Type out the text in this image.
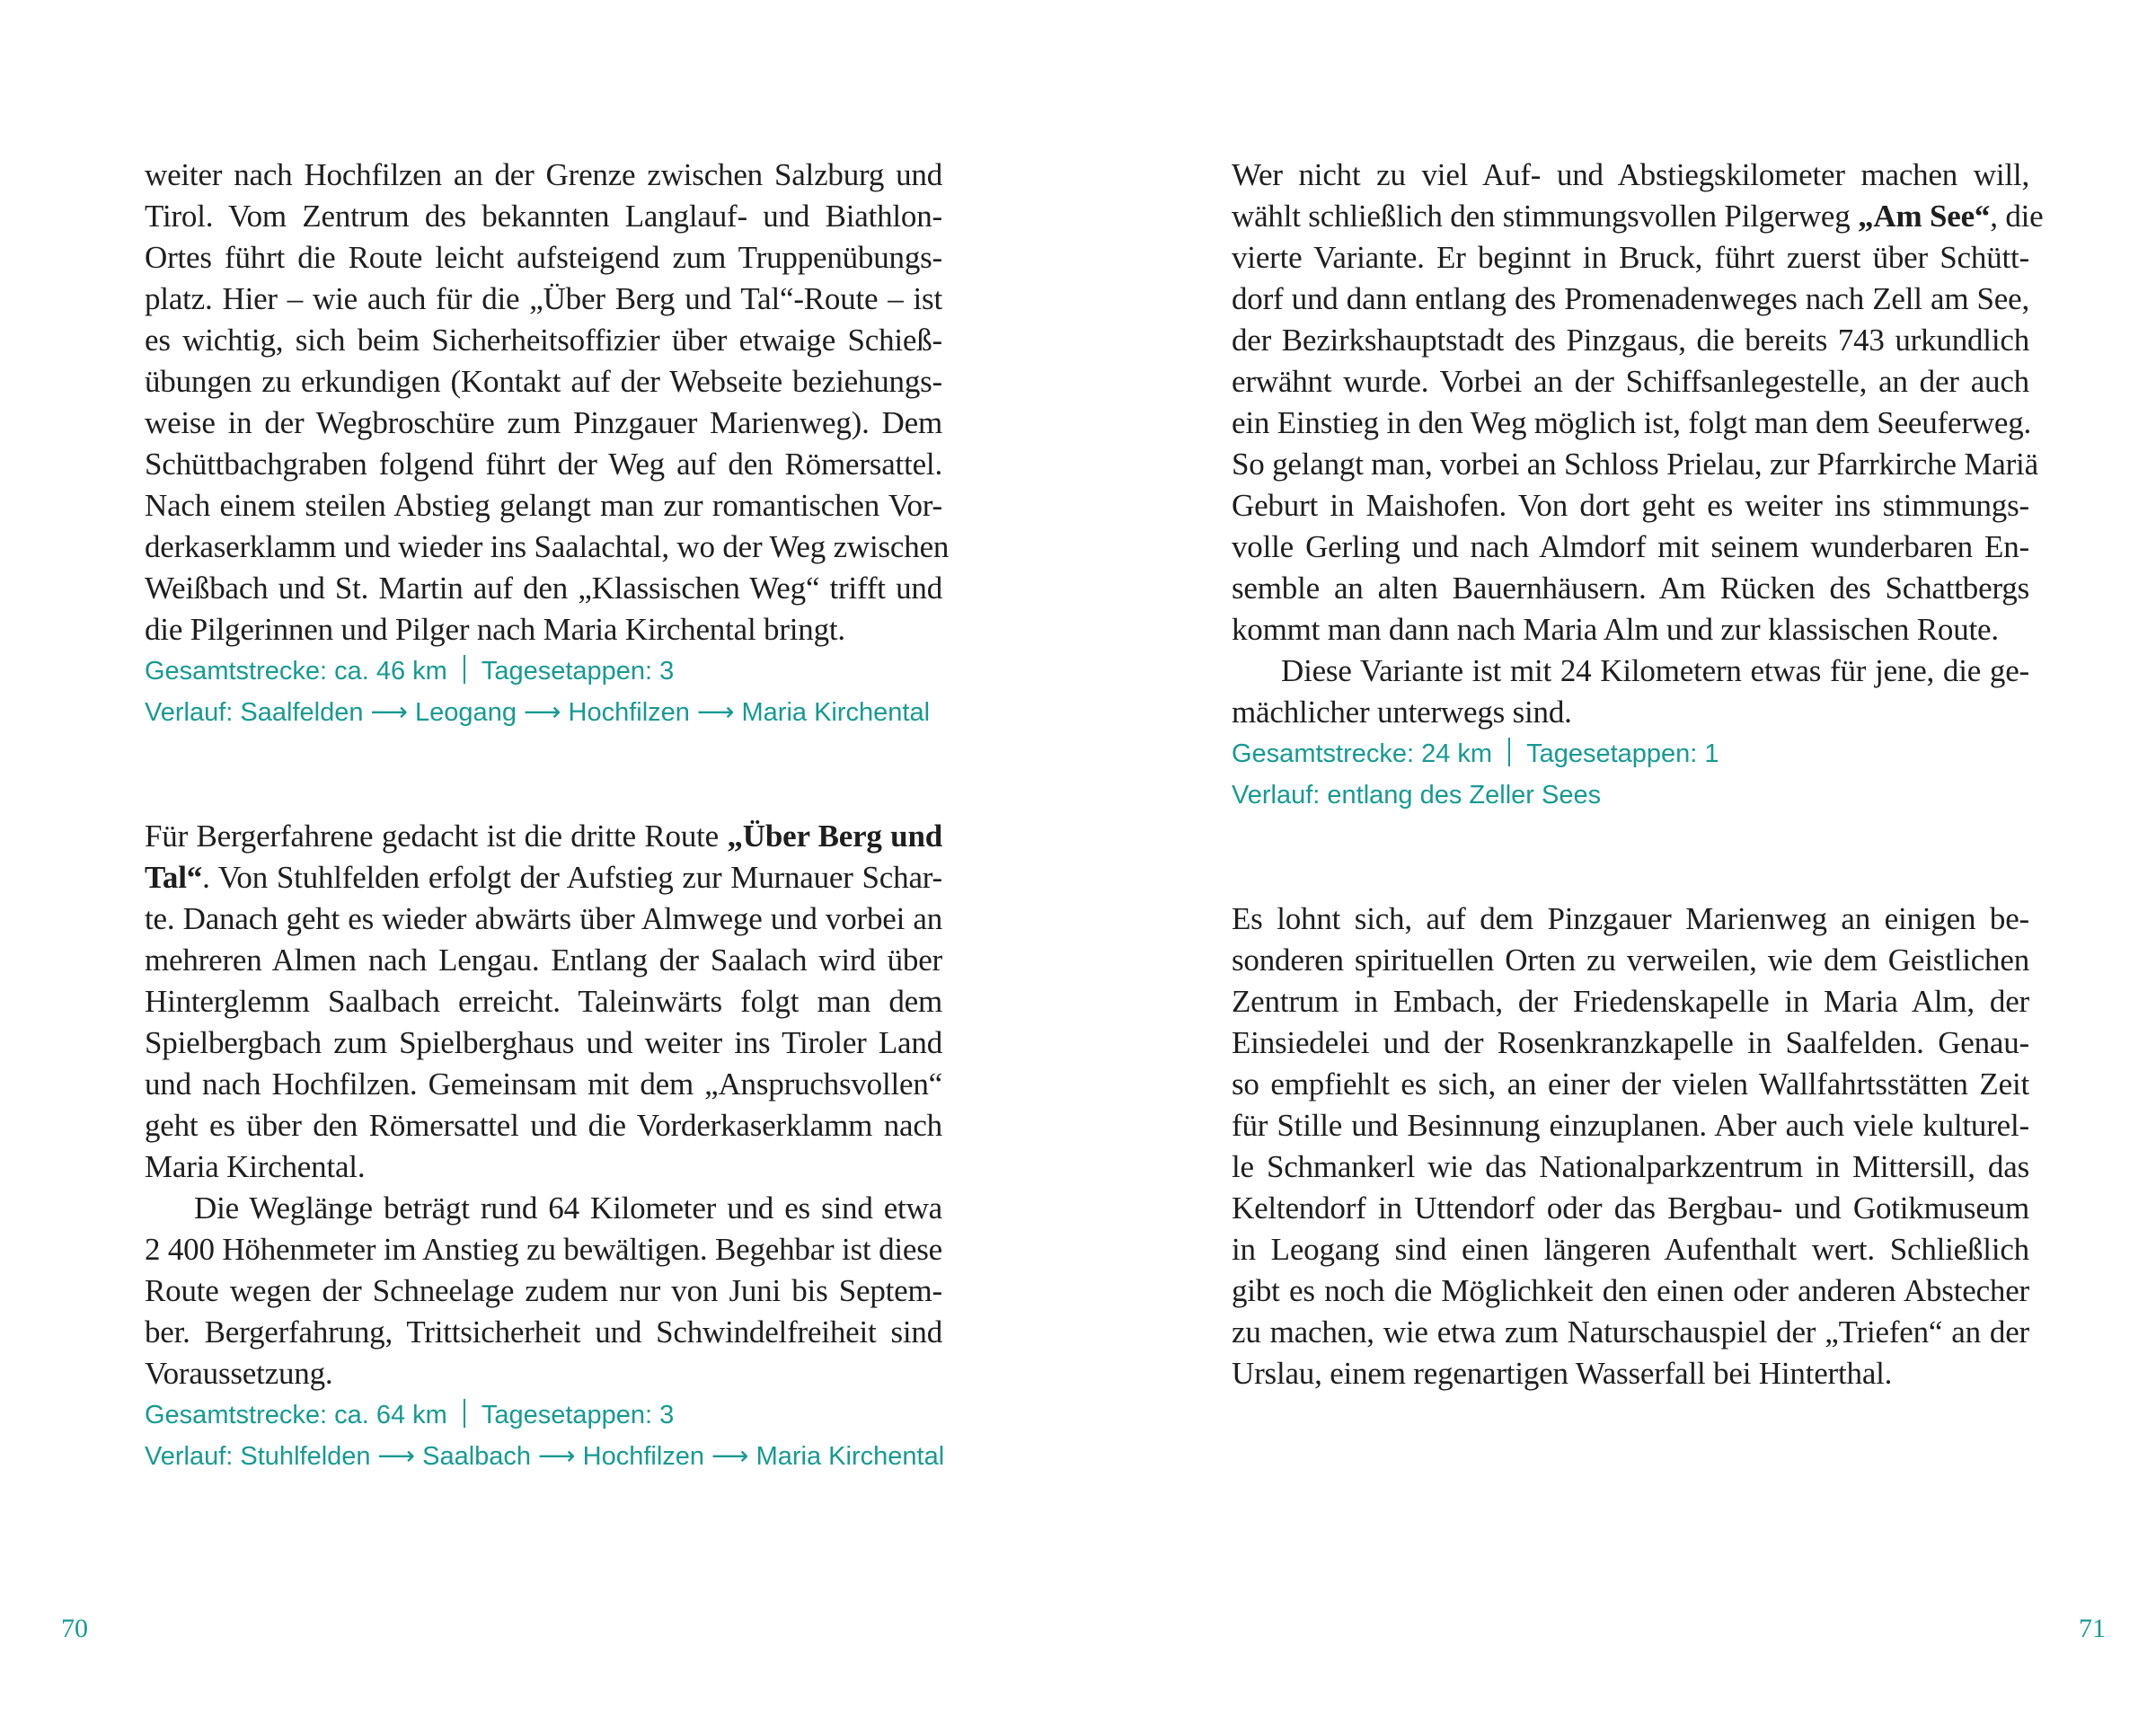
weiter nach Hochfilzen an der Grenze zwischen Salzburg und
Tirol. Vom Zentrum des bekannten Langlauf- und Biathlon-
Ortes führt die Route leicht aufsteigend zum Truppenübungs-
platz. Hier – wie auch für die „Über Berg und Tal“-Route – ist
es wichtig, sich beim Sicherheitsoffizier über etwaige Schieß-
übungen zu erkundigen (Kontakt auf der Webseite beziehungs-
weise in der Wegbroschüre zum Pinzgauer Marienweg). Dem
Schüttbachgraben folgend führt der Weg auf den Römersattel.
Nach einem steilen Abstieg gelangt man zur romantischen Vor-
derkaserklamm und wieder ins Saalachtal, wo der Weg zwischen
Weißbach und St. Martin auf den „Klassischen Weg“ trifft und
die Pilgerinnen und Pilger nach Maria Kirchental bringt.
Gesamtstrecke: ca. 46 km Tagesetappen: 3
Verlauf: Saalfelden ⟶ Leogang ⟶ Hochfilzen ⟶ Maria Kirchental
Für Bergerfahrene gedacht ist die dritte Route „Über Berg und
Tal“. Von Stuhlfelden erfolgt der Aufstieg zur Murnauer Schar-
te. Danach geht es wieder abwärts über Almwege und vorbei an
mehreren Almen nach Lengau. Entlang der Saalach wird über
Hinterglemm Saalbach erreicht. Taleinwärts folgt man dem
Spielbergbach zum Spielberghaus und weiter ins Tiroler Land
und nach Hochfilzen. Gemeinsam mit dem „Anspruchsvollen“
geht es über den Römersattel und die Vorderkaserklamm nach
Maria Kirchental.
Die Weglänge beträgt rund 64 Kilometer und es sind etwa
2 400 Höhenmeter im Anstieg zu bewältigen. Begehbar ist diese
Route wegen der Schneelage zudem nur von Juni bis Septem-
ber. Bergerfahrung, Trittsicherheit und Schwindelfreiheit sind
Voraussetzung.
Gesamtstrecke: ca. 64 km Tagesetappen: 3
Verlauf: Stuhlfelden ⟶ Saalbach ⟶ Hochfilzen ⟶ Maria Kirchental
70
Wer nicht zu viel Auf- und Abstiegskilometer machen will,
wählt schließlich den stimmungsvollen Pilgerweg „Am See“, die
vierte Variante. Er beginnt in Bruck, führt zuerst über Schütt-
dorf und dann entlang des Promenadenweges nach Zell am See,
der Bezirkshauptstadt des Pinzgaus, die bereits 743 urkundlich
erwähnt wurde. Vorbei an der Schiffsanlegestelle, an der auch
ein Einstieg in den Weg möglich ist, folgt man dem Seeuferweg.
So gelangt man, vorbei an Schloss Prielau, zur Pfarrkirche Mariä
Geburt in Maishofen. Von dort geht es weiter ins stimmungs-
volle Gerling und nach Almdorf mit seinem wunderbaren En-
semble an alten Bauernhäusern. Am Rücken des Schattbergs
kommt man dann nach Maria Alm und zur klassischen Route.
Diese Variante ist mit 24 Kilometern etwas für jene, die ge-
mächlicher unterwegs sind.
Gesamtstrecke: 24 km Tagesetappen: 1
Verlauf: entlang des Zeller Sees
Es lohnt sich, auf dem Pinzgauer Marienweg an einigen be-
sonderen spirituellen Orten zu verweilen, wie dem Geistlichen
Zentrum in Embach, der Friedenskapelle in Maria Alm, der
Einsiedelei und der Rosenkranzkapelle in Saalfelden. Genau-
so empfiehlt es sich, an einer der vielen Wallfahrtsstätten Zeit
für Stille und Besinnung einzuplanen. Aber auch viele kulturel-
le Schmankerl wie das Nationalparkzentrum in Mittersill, das
Keltendorf in Uttendorf oder das Bergbau- und Gotikmuseum
in Leogang sind einen längeren Aufenthalt wert. Schließlich
gibt es noch die Möglichkeit den einen oder anderen Abstecher
zu machen, wie etwa zum Naturschauspiel der „Triefen“ an der
Urslau, einem regenartigen Wasserfall bei Hinterthal.
71
